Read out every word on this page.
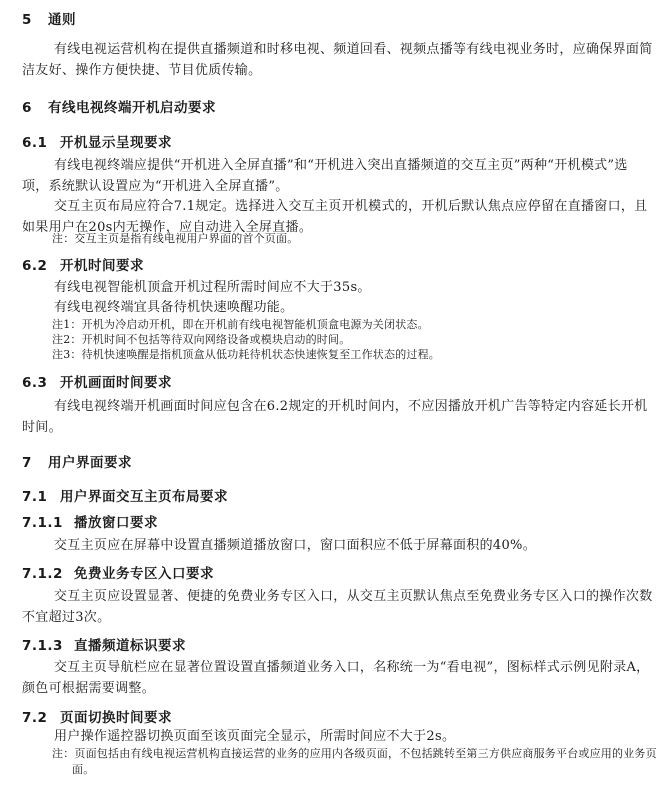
5 通则
有线电视运营机构在提供直播频道和时移电视、频道回看、视频点播等有线电视业务时，应确保界面简洁友好、操作方便快捷、节目优质传输。
6 有线电视终端开机启动要求
6.1 开机显示呈现要求
有线电视终端应提供“开机进入全屏直播”和“开机进入突出直播频道的交互主页”两种“开机模式”选项，系统默认设置应为“开机进入全屏直播”。
交互主页布局应符合7.1规定。选择进入交互主页开机模式的，开机后默认焦点应停留在直播窗口，且如果用户在20s内无操作，应自动进入全屏直播。
注：交互主页是指有线电视用户界面的首个页面。
6.2 开机时间要求
有线电视智能机顶盒开机过程所需时间应不大于35s。
有线电视终端宜具备待机快速唤醒功能。
注1：开机为冷启动开机，即在开机前有线电视智能机顶盒电源为关闭状态。
注2：开机时间不包括等待双向网络设备或模块启动的时间。
注3：待机快速唤醒是指机顶盒从低功耗待机状态快速恢复至工作状态的过程。
6.3 开机画面时间要求
有线电视终端开机画面时间应包含在6.2规定的开机时间内，不应因播放开机广告等特定内容延长开机时间。
7 用户界面要求
7.1 用户界面交互主页布局要求
7.1.1 播放窗口要求
交互主页应在屏幕中设置直播频道播放窗口，窗口面积应不低于屏幕面积的40%。
7.1.2 免费业务专区入口要求
交互主页应设置显著、便捷的免费业务专区入口，从交互主页默认焦点至免费业务专区入口的操作次数不宜超过3次。
7.1.3 直播频道标识要求
交互主页导航栏应在显著位置设置直播频道业务入口，名称统一为“看电视”，图标样式示例见附录A，颜色可根据需要调整。
7.2 页面切换时间要求
用户操作遥控器切换页面至该页面完全显示，所需时间应不大于2s。
注：页面包括由有线电视运营机构直接运营的业务的应用内各级页面，不包括跳转至第三方供应商服务平台或应用的业务页面。
